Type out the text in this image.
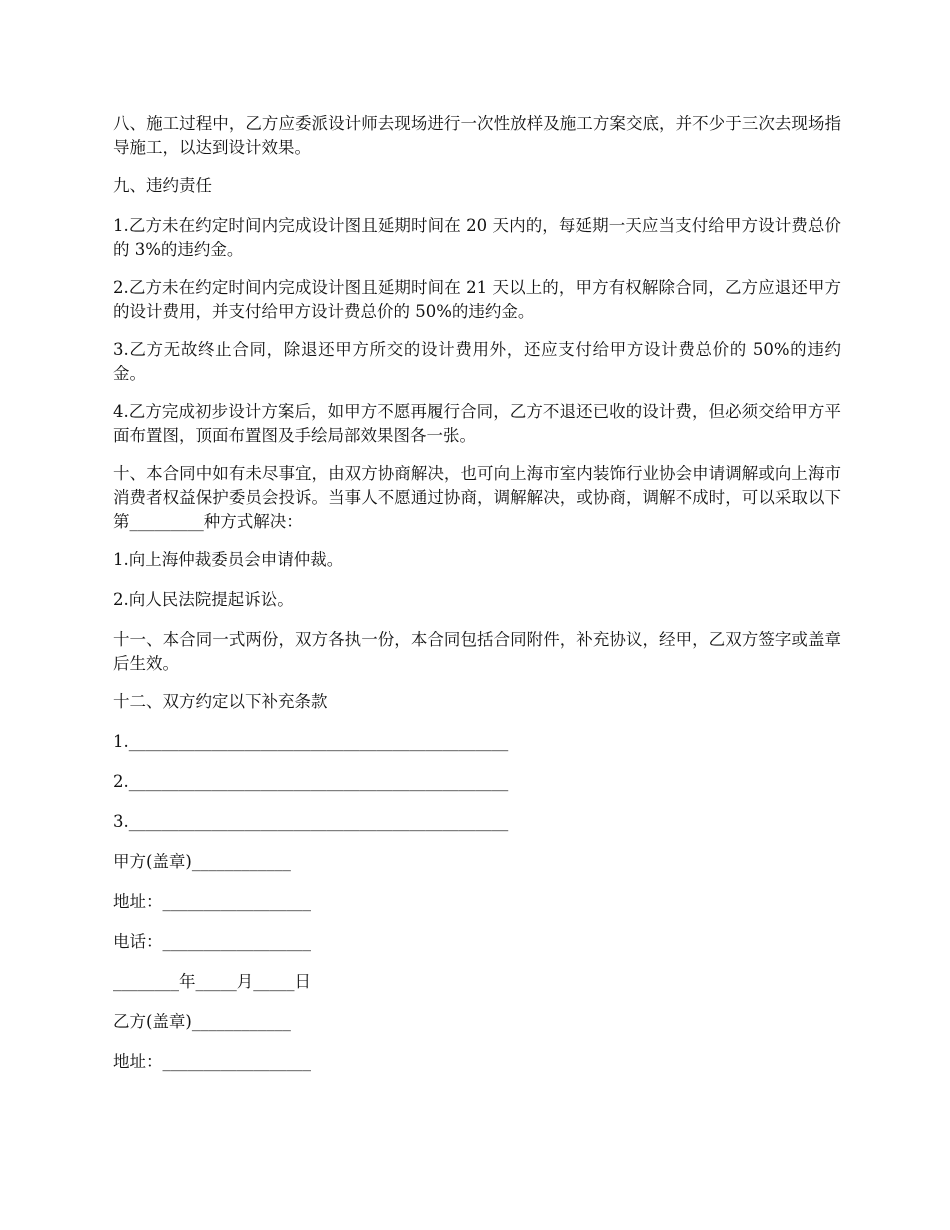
八、施工过程中，乙方应委派设计师去现场进行一次性放样及施工方案交底，并不少于三次去现场指导施工，以达到设计效果。

九、违约责任

1.乙方未在约定时间内完成设计图且延期时间在 20 天内的，每延期一天应当支付给甲方设计费总价的 3%的违约金。

2.乙方未在约定时间内完成设计图且延期时间在 21 天以上的，甲方有权解除合同，乙方应退还甲方的设计费用，并支付给甲方设计费总价的 50%的违约金。

3.乙方无故终止合同，除退还甲方所交的设计费用外，还应支付给甲方设计费总价的 50%的违约金。

4.乙方完成初步设计方案后，如甲方不愿再履行合同，乙方不退还已收的设计费，但必须交给甲方平面布置图，顶面布置图及手绘局部效果图各一张。

十、本合同中如有未尽事宜，由双方协商解决，也可向上海市室内装饰行业协会申请调解或向上海市消费者权益保护委员会投诉。当事人不愿通过协商，调解解决，或协商，调解不成时，可以采取以下第_________种方式解决：

1.向上海仲裁委员会申请仲裁。

2.向人民法院提起诉讼。

十一、本合同一式两份，双方各执一份，本合同包括合同附件，补充协议，经甲，乙双方签字或盖章后生效。

十二、双方约定以下补充条款

1.______________________________________________

2.______________________________________________

3.______________________________________________

甲方(盖章)____________

地址：__________________

电话：__________________

________年_____月_____日

乙方(盖章)____________

地址：__________________
